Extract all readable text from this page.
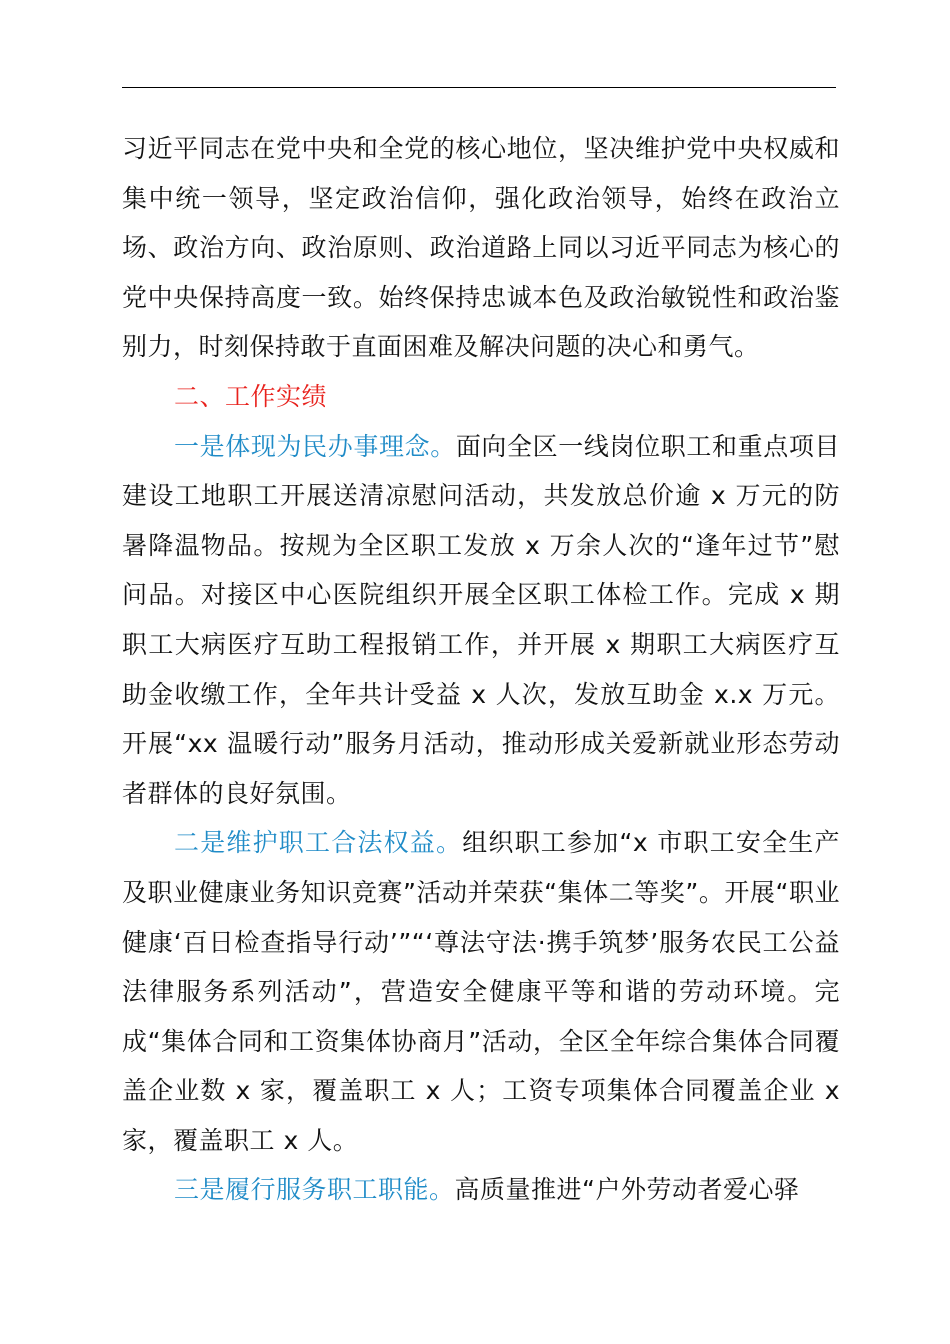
习近平同志在党中央和全党的核心地位，坚决维护党中央权威和集中统一领导，坚定政治信仰，强化政治领导，始终在政治立场、政治方向、政治原则、政治道路上同以习近平同志为核心的党中央保持高度一致。始终保持忠诚本色及政治敏锐性和政治鉴别力，时刻保持敢于直面困难及解决问题的决心和勇气。

二、工作实绩

一是体现为民办事理念。面向全区一线岗位职工和重点项目建设工地职工开展送清凉慰问活动，共发放总价逾 x 万元的防暑降温物品。按规为全区职工发放 x 万余人次的“逢年过节”慰问品。对接区中心医院组织开展全区职工体检工作。完成 x 期职工大病医疗互助工程报销工作，并开展 x 期职工大病医疗互助金收缴工作，全年共计受益 x 人次，发放互助金 x.x 万元。开展“xx 温暖行动”服务月活动，推动形成关爱新就业形态劳动者群体的良好氛围。

二是维护职工合法权益。组织职工参加“x 市职工安全生产及职业健康业务知识竞赛”活动并荣获“集体二等奖”。开展“职业健康‘百日检查指导行动’”“‘尊法守法·携手筑梦’服务农民工公益法律服务系列活动”，营造安全健康平等和谐的劳动环境。完成“集体合同和工资集体协商月”活动，全区全年综合集体合同覆盖企业数 x 家，覆盖职工 x 人；工资专项集体合同覆盖企业 x 家，覆盖职工 x 人。

三是履行服务职工职能。高质量推进“户外劳动者爱心驿
